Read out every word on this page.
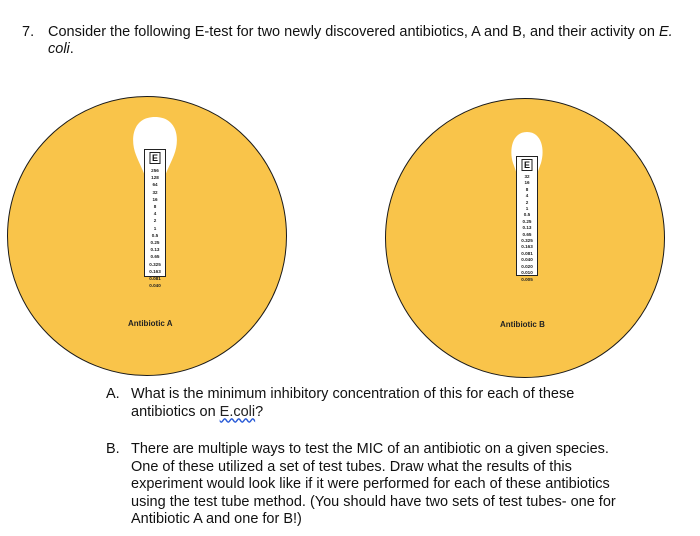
7. Consider the following E-test for two newly discovered antibiotics, A and B, and their activity on E. coli.
E
256
128
64
32
16
8
4
2
1
0.5
0.25
0.13
0.65
0.325
0.163
0.081
0.040
Antibiotic A
E
32
16
8
4
2
1
0.5
0.25
0.13
0.65
0.325
0.163
0.081
0.040
0.020
0.010
0.005
Antibiotic B
A. What is the minimum inhibitory concentration of this for each of these
antibiotics on E.coli?
B. There are multiple ways to test the MIC of an antibiotic on a given species.
One of these utilized a set of test tubes. Draw what the results of this
experiment would look like if it were performed for each of these antibiotics
using the test tube method. (You should have two sets of test tubes- one for
Antibiotic A and one for B!)
